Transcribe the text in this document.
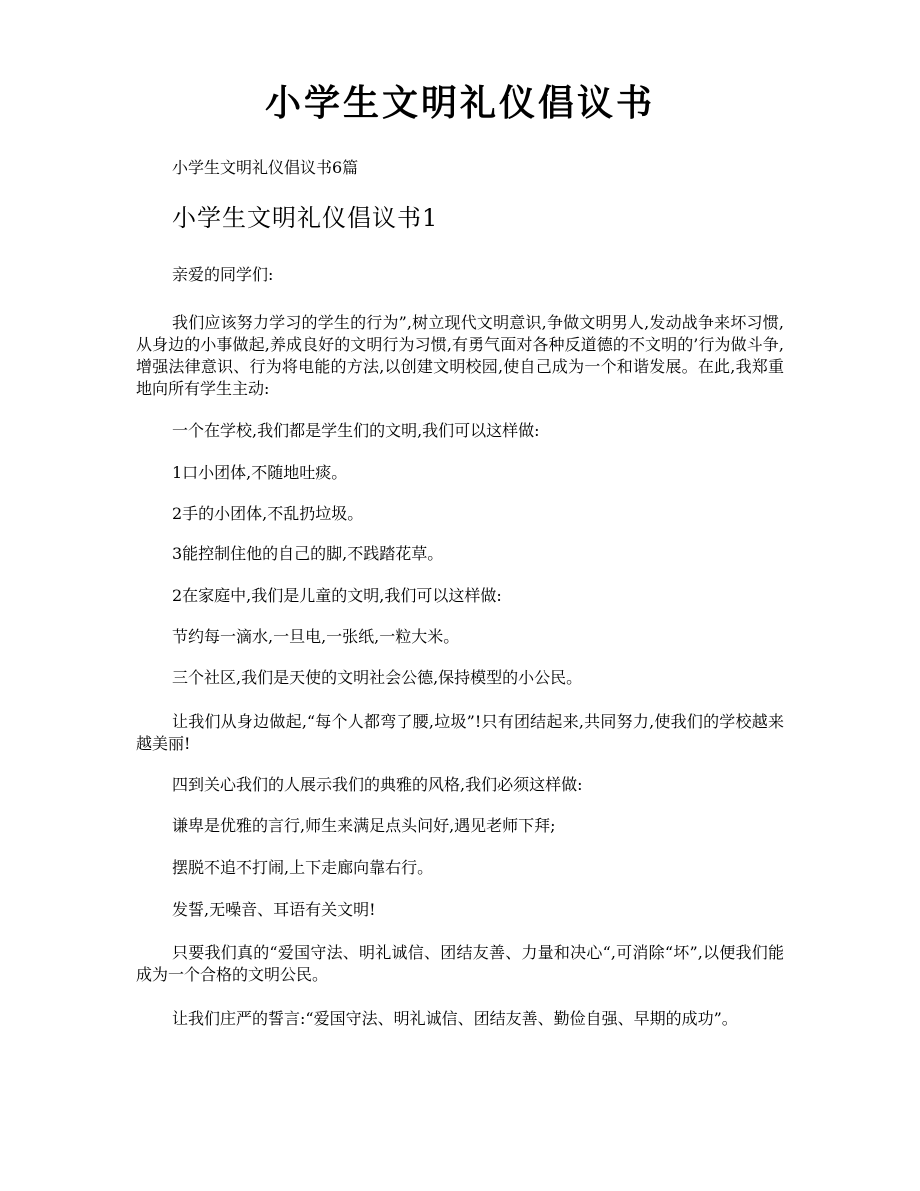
小学生文明礼仪倡议书
小学生文明礼仪倡议书6篇
小学生文明礼仪倡议书1

亲爱的同学们:

我们应该努力学习的学生的行为”,树立现代文明意识,争做文明男人,发动战争来坏习惯,从身边的小事做起,养成良好的文明行为习惯,有勇气面对各种反道德的不文明的’行为做斗争,增强法律意识、行为将电能的方法,以创建文明校园,使自己成为一个和谐发展。在此,我郑重地向所有学生主动:

一个在学校,我们都是学生们的文明,我们可以这样做:

1口小团体,不随地吐痰。

2手的小团体,不乱扔垃圾。

3能控制住他的自己的脚,不践踏花草。

2在家庭中,我们是儿童的文明,我们可以这样做:

节约每一滴水,一旦电,一张纸,一粒大米。

三个社区,我们是天使的文明社会公德,保持模型的小公民。

让我们从身边做起,“每个人都弯了腰,垃圾”!只有团结起来,共同努力,使我们的学校越来越美丽!

四到关心我们的人展示我们的典雅的风格,我们必须这样做:

谦卑是优雅的言行,师生来满足点头问好,遇见老师下拜;

摆脱不追不打闹,上下走廊向靠右行。

发誓,无噪音、耳语有关文明!

只要我们真的“爱国守法、明礼诚信、团结友善、力量和决心“,可消除“坏”,以便我们能成为一个合格的文明公民。

让我们庄严的誓言:“爱国守法、明礼诚信、团结友善、勤俭自强、早期的成功”。
